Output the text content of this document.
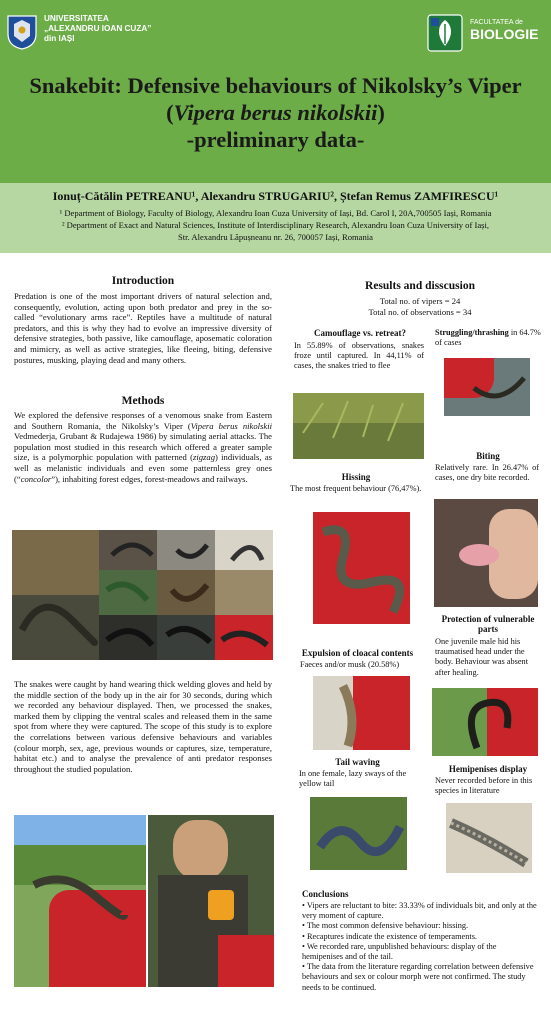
UNIVERSITATEA
„ALEXANDRU IOAN CUZA”
din IAȘI
FACULTATEA de
BIOLOGIE
Snakebit: Defensive behaviours of Nikolsky’s Viper
(Vipera berus nikolskii)
-preliminary data-
Ionuț-Cătălin PETREANU¹, Alexandru STRUGARIU², Ștefan Remus ZAMFIRESCU¹
¹ Department of Biology, Faculty of Biology, Alexandru Ioan Cuza University of Iași, Bd. Carol I, 20A,700505 Iași, Romania
² Department of Exact and Natural Sciences, Institute of Interdisciplinary Research, Alexandru Ioan Cuza University of Iași,
Str. Alexandru Lăpușneanu nr. 26, 700057 Iași, Romania
Introduction
Predation is one of the most important drivers of natural selection and, consequently, evolution, acting upon both predator and prey in the so-called “evolutionary arms race”. Reptiles have a multitude of natural predators, and this is why they had to evolve an impressive diversity of defensive strategies, both passive, like camouflage, aposematic coloration and mimicry, as well as active strategies, like fleeing, biting, defensive postures, musking, playing dead and many others.
Methods
We explored the defensive responses of a venomous snake from Eastern and Southern Romania, the Nikolsky’s Viper (Vipera berus nikolskii Vedmederja, Grubant & Rudajewa 1986) by simulating aerial attacks. The population most studied in this research which offered a greater sample size, is a polymorphic population with patterned (zigzag) individuals, as well as melanistic individuals and even some patternless grey ones (“concolor”), inhabiting forest edges, forest-meadows and railways.
The snakes were caught by hand wearing thick welding gloves and held by the middle section of the body up in the air for 30 seconds, during which we recorded any behaviour displayed. Then, we processed the snakes, marked them by clipping the ventral scales and released them in the same spot from where they were captured. The scope of this study is to explore the correlations between various defensive behaviours and variables (colour morph, sex, age, previous wounds or captures, size, temperature, habitat etc.) and to analyse the prevalence of anti predator responses throughout the studied population.
Results and disscusion
Total no. of vipers = 24
Total no. of observations = 34
Camouflage vs. retreat?
In 55.89% of observations, snakes froze until captured. In 44,11% of cases, the snakes tried to flee
Struggling/thrashing in 64.7% of cases
Hissing
The most frequent behaviour (76,47%).
Biting
Relatively rare. In 26.47% of cases, one dry bite recorded.
Expulsion of cloacal contents
Faeces and/or musk (20.58%)
Protection of vulnerable parts
One juvenile male hid his traumatised head under the body. Behaviour was absent after healing.
Tail waving
In one female, lazy sways of the yellow tail
Hemipenises display
Never recorded before in this species in literature
Conclusions
• Vipers are reluctant to bite: 33.33% of individuals bit, and only at the very moment of capture.
• The most common defensive behaviour: hissing.
• Recaptures indicate the existence of temperaments.
• We recorded rare, unpublished behaviours: display of the hemipenises and of the tail.
• The data from the literature regarding correlation between defensive behaviours and sex or colour morph were not confirmed. The study needs to be continued.
